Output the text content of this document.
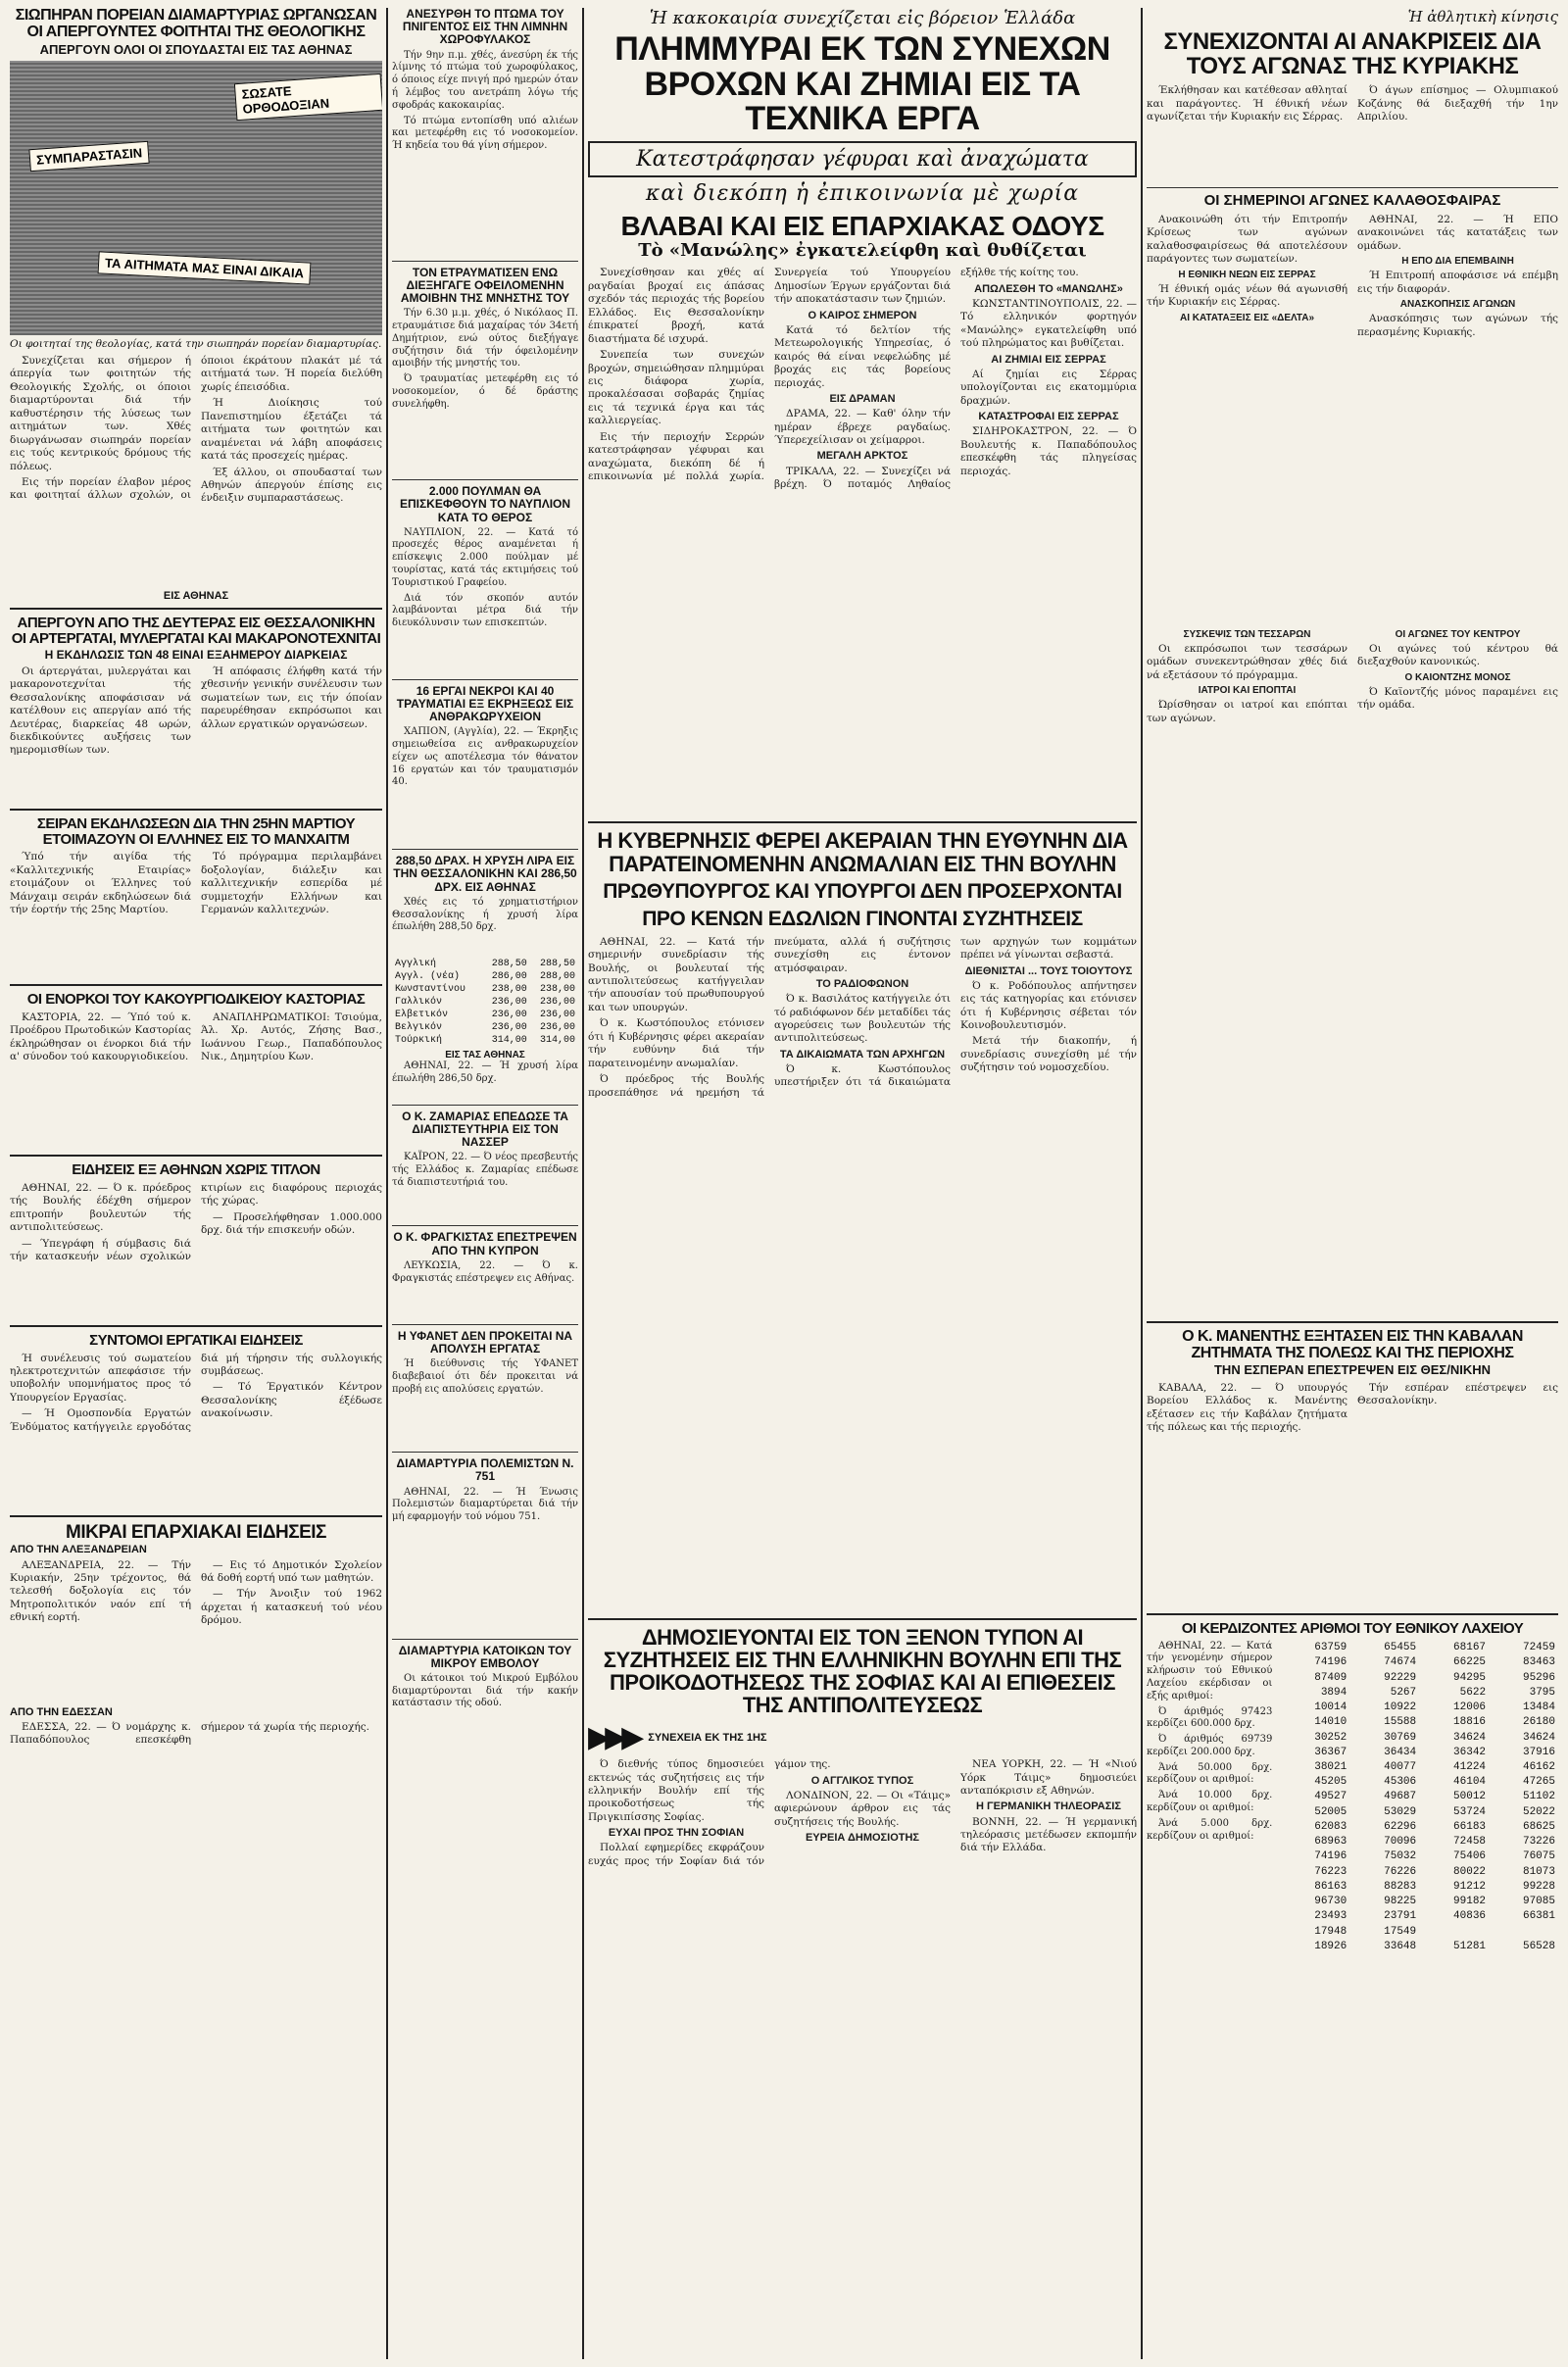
ΣΙΩΠΗΡΑΝ ΠΟΡΕΙΑΝ ΔΙΑΜΑΡΤΥΡΙΑΣ ΩΡΓΑΝΩΣΑΝ ΟΙ ΑΠΕΡΓΟΥΝΤΕΣ ΦΟΙΤΗΤΑΙ ΤΗΣ ΘΕΟΛΟΓΙΚΗΣ
ΑΠΕΡΓΟΥΝ ΟΛΟΙ ΟΙ ΣΠΟΥΔΑΣΤΑΙ ΕΙΣ ΤΑΣ ΑΘΗΝΑΣ
ΣΩΣΑΤΕ ΟΡΘΟΔΟΞΙΑΝ
ΣΥΜΠΑΡΑΣΤΑΣΙΝ
ΤΑ ΑΙΤΗΜΑΤΑ ΜΑΣ ΕΙΝΑΙ ΔΙΚΑΙΑ
Οι φοιτηταί της θεολογίας, κατά την σιωπηράν πορείαν διαμαρτυρίας.

Συνεχίζεται και σήμερον ή άπεργία των φοιτητών τής Θεολογικής Σχολής, οι όποιοι διαμαρτύρονται διά τήν καθυστέρησιν τής λύσεως των αιτημάτων των. Χθές διωργάνωσαν σιωπηράν πορείαν εις τούς κεντρικούς δρόμους τής πόλεως.

Εις τήν πορείαν έλαβον μέρος και φοιτηταί άλλων σχολών, οι όποιοι έκράτουν πλακάτ μέ τά αιτήματά των. Ή πορεία διελύθη χωρίς έπεισόδια.

Ή Διοίκησις τού Πανεπιστημίου έξετάζει τά αιτήματα των φοιτητών και αναμένεται νά λάβη αποφάσεις κατά τάς προσεχείς ημέρας.

Έξ άλλου, οι σπουδασταί των Αθηνών άπεργούν έπίσης εις ένδειξιν συμπαραστάσεως.

ΕΙΣ ΑΘΗΝΑΣ
ΑΠΕΡΓΟΥΝ ΑΠΟ ΤΗΣ ΔΕΥΤΕΡΑΣ ΕΙΣ ΘΕΣΣΑΛΟΝΙΚΗΝ ΟΙ ΑΡΤΕΡΓΑΤΑΙ, ΜΥΛΕΡΓΑΤΑΙ ΚΑΙ ΜΑΚΑΡΟΝΟΤΕΧΝΙΤΑΙ
Η ΕΚΔΗΛΩΣΙΣ ΤΩΝ 48 ΕΙΝΑΙ ΕΞΑΗΜΕΡΟΥ ΔΙΑΡΚΕΙΑΣ

Οι άρτεργάται, μυλεργάται και μακαρονοτεχνίται τής Θεσσαλονίκης αποφάσισαν νά κατέλθουν εις απεργίαν από τής Δευτέρας, διαρκείας 48 ωρών, διεκδικούντες αυξήσεις των ημερομισθίων των.

Ή απόφασις έλήφθη κατά τήν χθεσινήν γενικήν συνέλευσιν των σωματείων των, εις τήν όποίαν παρευρέθησαν εκπρόσωποι και άλλων εργατικών οργανώσεων.

ΣΕΙΡΑΝ ΕΚΔΗΛΩΣΕΩΝ ΔΙΑ ΤΗΝ 25ΗΝ ΜΑΡΤΙΟΥ ΕΤΟΙΜΑΖΟΥΝ ΟΙ ΕΛΛΗΝΕΣ ΕΙΣ ΤΟ ΜΑΝΧΑΙΤΜ

Ύπό τήν αιγίδα τής «Καλλιτεχνικής Εταιρίας» ετοιμάζουν οι Έλληνες τού Μάνχαιμ σειράν εκδηλώσεων διά τήν έορτήν τής 25ης Μαρτίου.

Τό πρόγραμμα περιλαμβάνει δοξολογίαν, διάλεξιν και καλλιτεχνικήν εσπερίδα μέ συμμετοχήν Ελλήνων και Γερμανών καλλιτεχνών.

ΟΙ ΕΝΟΡΚΟΙ ΤΟΥ ΚΑΚΟΥΡΓΙΟΔΙΚΕΙΟΥ ΚΑΣΤΟΡΙΑΣ

ΚΑΣΤΟΡΙΑ, 22. — Ύπό τού κ. Προέδρου Πρωτοδικών Καστορίας έκληρώθησαν οι ένορκοι διά τήν α' σύνοδον τού κακουργιοδικείου.

ΑΝΑΠΛΗΡΩΜΑΤΙΚΟΙ: Τσιούμα, Άλ. Χρ. Αυτός, Ζήσης Βασ., Ιωάννου Γεωρ., Παπαδόπουλος Νικ., Δημητρίου Κων.

ΕΙΔΗΣΕΙΣ ΕΞ ΑΘΗΝΩΝ ΧΩΡΙΣ ΤΙΤΛΟΝ

ΑΘΗΝΑΙ, 22. — Ό κ. πρόεδρος τής Βουλής έδέχθη σήμερον επιτροπήν βουλευτών τής αντιπολιτεύσεως.

— Ύπεγράφη ή σύμβασις διά τήν κατασκευήν νέων σχολικών κτιρίων εις διαφόρους περιοχάς τής χώρας.

— Προσελήφθησαν 1.000.000 δρχ. διά τήν επισκευήν οδών.

ΣΥΝΤΟΜΟΙ ΕΡΓΑΤΙΚΑΙ ΕΙΔΗΣΕΙΣ

Ή συνέλευσις τού σωματείου ηλεκτροτεχνιτών απεφάσισε τήν υποβολήν υπομνήματος προς τό Υπουργείον Εργασίας.

— Ή Ομοσπονδία Εργατών Ένδύματος κατήγγειλε εργοδότας διά μή τήρησιν τής συλλογικής συμβάσεως.

— Τό Έργατικόν Κέντρον Θεσσαλονίκης έξέδωσε ανακοίνωσιν.

ΜΙΚΡΑΙ ΕΠΑΡΧΙΑΚΑΙ ΕΙΔΗΣΕΙΣ
ΑΠΟ ΤΗΝ ΑΛΕΞΑΝΔΡΕΙΑΝ

ΑΛΕΞΑΝΔΡΕΙΑ, 22. — Τήν Κυριακήν, 25ην τρέχοντος, θά τελεσθή δοξολογία εις τόν Μητροπολιτικόν ναόν επί τή εθνική εορτή.

— Εις τό Δημοτικόν Σχολείον θά δοθή εορτή υπό των μαθητών.

— Τήν Άνοιξιν τού 1962 άρχεται ή κατασκευή τού νέου δρόμου.

ΑΠΟ ΤΗΝ ΕΔΕΣΣΑΝ

ΕΔΕΣΣΑ, 22. — Ό νομάρχης κ. Παπαδόπουλος επεσκέφθη σήμερον τά χωρία τής περιοχής.

ΑΝΕΣΥΡΘΗ ΤΟ ΠΤΩΜΑ ΤΟΥ ΠΝΙΓΕΝΤΟΣ ΕΙΣ ΤΗΝ ΛΙΜΝΗΝ ΧΩΡΟΦΥΛΑΚΟΣ

Τήν 9ην π.μ. χθές, άνεσύρη έκ τής λίμνης τό πτώμα τού χωροφύλακος, ό όποιος είχε πνιγή πρό ημερών όταν ή λέμβος του ανετράπη λόγω τής σφοδράς κακοκαιρίας.

Τό πτώμα εντοπίσθη υπό αλιέων και μετεφέρθη εις τό νοσοκομείον. Ή κηδεία του θά γίνη σήμερον.

ΤΟΝ ΕΤΡΑΥΜΑΤΙΣΕΝ ΕΝΩ ΔΙΕΞΗΓΑΓΕ ΟΦΕΙΛΟΜΕΝΗΝ ΑΜΟΙΒΗΝ ΤΗΣ ΜΝΗΣΤΗΣ ΤΟΥ

Τήν 6.30 μ.μ. χθές, ό Νικόλαος Π. ετραυμάτισε διά μαχαίρας τόν 34ετή Δημήτριον, ενώ ούτος διεξήγαγε συζήτησιν διά τήν όφειλομένην αμοιβήν τής μνηστής του.

Ό τραυματίας μετεφέρθη εις τό νοσοκομείον, ό δέ δράστης συνελήφθη.

2.000 ΠΟΥΛΜΑΝ ΘΑ ΕΠΙΣΚΕΦΘΟΥΝ ΤΟ ΝΑΥΠΛΙΟΝ ΚΑΤΑ ΤΟ ΘΕΡΟΣ

ΝΑΥΠΛΙΟΝ, 22. — Κατά τό προσεχές θέρος αναμένεται ή επίσκεψις 2.000 πούλμαν μέ τουρίστας, κατά τάς εκτιμήσεις τού Τουριστικού Γραφείου.

Διά τόν σκοπόν αυτόν λαμβάνονται μέτρα διά τήν διευκόλυνσιν των επισκεπτών.

16 ΕΡΓΑΙ ΝΕΚΡΟΙ ΚΑΙ 40 ΤΡΑΥΜΑΤΙΑΙ ΕΞ ΕΚΡΗΞΕΩΣ ΕΙΣ ΑΝΘΡΑΚΩΡΥΧΕΙΟΝ

ΧΑΠΙΟΝ, (Αγγλία), 22. — Έκρηξις σημειωθείσα εις ανθρακωρυχείον είχεν ως αποτέλεσμα τόν θάνατον 16 εργατών και τόν τραυματισμόν 40.

288,50 ΔΡΑΧ. Η ΧΡΥΣΗ ΛΙΡΑ ΕΙΣ ΤΗΝ ΘΕΣΣΑΛΟΝΙΚΗΝ ΚΑΙ 286,50 ΔΡΧ. ΕΙΣ ΑΘΗΝΑΣ

Χθές εις τό χρηματιστήριον Θεσσαλονίκης ή χρυσή λίρα έπωλήθη 288,50 δρχ.

Αγγλική	288,50	288,50
Αγγλ. (νέα)	286,00	288,00
Κωνσταντίνου	238,00	238,00
Γαλλικόν	236,00	236,00
Ελβετικόν	236,00	236,00
Βελγικόν	236,00	236,00
Τούρκική	314,00	314,00
ΕΙΣ ΤΑΣ ΑΘΗΝΑΣ

ΑΘΗΝΑΙ, 22. — Ή χρυσή λίρα έπωλήθη 286,50 δρχ.

Ο Κ. ΖΑΜΑΡΙΑΣ ΕΠΕΔΩΣΕ ΤΑ ΔΙΑΠΙΣΤΕΥΤΗΡΙΑ ΕΙΣ ΤΟΝ ΝΑΣΣΕΡ

ΚΑΪΡΟΝ, 22. — Ό νέος πρεσβευτής τής Ελλάδος κ. Ζαμαρίας επέδωσε τά διαπιστευτήριά του.

Ο Κ. ΦΡΑΓΚΙΣΤΑΣ ΕΠΕΣΤΡΕΨΕΝ ΑΠΟ ΤΗΝ ΚΥΠΡΟΝ

ΛΕΥΚΩΣΙΑ, 22. — Ό κ. Φραγκιστάς επέστρεψεν εις Αθήνας.

Η ΥΦΑΝΕΤ ΔΕΝ ΠΡΟΚΕΙΤΑΙ ΝΑ ΑΠΟΛΥΣΗ ΕΡΓΑΤΑΣ

Ή διεύθυνσις τής ΥΦΑΝΕΤ διαβεβαιοί ότι δέν προκειται νά προβή εις απολύσεις εργατών.

ΔΙΑΜΑΡΤΥΡΙΑ ΠΟΛΕΜΙΣΤΩΝ Ν. 751

ΑΘΗΝΑΙ, 22. — Ή Ένωσις Πολεμιστών διαμαρτύρεται διά τήν μή εφαρμογήν τού νόμου 751.

ΔΙΑΜΑΡΤΥΡΙΑ ΚΑΤΟΙΚΩΝ ΤΟΥ ΜΙΚΡΟΥ ΕΜΒΟΛΟΥ

Οι κάτοικοι τού Μικρού Εμβόλου διαμαρτύρονται διά τήν κακήν κατάστασιν τής οδού.

Ἡ κακοκαιρία συνεχίζεται εἰς βόρειον Ἑλλάδα
ΠΛΗΜΜΥΡΑΙ ΕΚ ΤΩΝ ΣΥΝΕΧΩΝ ΒΡΟΧΩΝ ΚΑΙ ΖΗΜΙΑΙ ΕΙΣ ΤΑ ΤΕΧΝΙΚΑ ΕΡΓΑ
Κατεστράφησαν γέφυραι καὶ ἀναχώματα
καὶ διεκόπη ἡ ἐπικοινωνία μὲ χωρία
ΒΛΑΒΑΙ ΚΑΙ ΕΙΣ ΕΠΑΡΧΙΑΚΑΣ ΟΔΟΥΣ
Τὸ «Μανώλης» ἐγκατελείφθη καὶ θυθίζεται

Συνεχίσθησαν και χθές αί ραγδαίαι βροχαί εις άπάσας σχεδόν τάς περιοχάς τής βορείου Ελλάδος. Εις Θεσσαλονίκην έπικρατεί βροχή, κατά διαστήματα δέ ισχυρά.

Συνεπεία των συνεχών βροχών, σημειώθησαν πλημμύραι εις διάφορα χωρία, προκαλέσασαι σοβαράς ζημίας εις τά τεχνικά έργα και τάς καλλιεργείας.

Εις τήν περιοχήν Σερρών κατεστράφησαν γέφυραι και αναχώματα, διεκόπη δέ ή επικοινωνία μέ πολλά χωρία. Συνεργεία τού Υπουργείου Δημοσίων Έργων εργάζονται διά τήν αποκατάστασιν των ζημιών.

Ο ΚΑΙΡΟΣ ΣΗΜΕΡΟΝ

Κατά τό δελτίον τής Μετεωρολογικής Υπηρεσίας, ό καιρός θά είναι νεφελώδης μέ βροχάς εις τάς βορείους περιοχάς.

ΕΙΣ ΔΡΑΜΑΝ

ΔΡΑΜΑ, 22. — Καθ' όλην τήν ημέραν έβρεχε ραγδαίως. Ύπερεχείλισαν οι χείμαρροι.

ΜΕΓΑΛΗ ΑΡΚΤΟΣ

ΤΡΙΚΑΛΑ, 22. — Συνεχίζει νά βρέχη. Ό ποταμός Ληθαίος εξήλθε τής κοίτης του.

ΑΠΩΛΕΣΘΗ ΤΟ «ΜΑΝΩΛΗΣ»

ΚΩΝΣΤΑΝΤΙΝΟΥΠΟΛΙΣ, 22. — Τό ελληνικόν φορτηγόν «Μανώλης» εγκατελείφθη υπό τού πληρώματος και βυθίζεται.

ΑΙ ΖΗΜΙΑΙ ΕΙΣ ΣΕΡΡΑΣ

Αί ζημίαι εις Σέρρας υπολογίζονται εις εκατομμύρια δραχμών.

ΚΑΤΑΣΤΡΟΦΑΙ ΕΙΣ ΣΕΡΡΑΣ

ΣΙΔΗΡΟΚΑΣΤΡΟΝ, 22. — Ό Βουλευτής κ. Παπαδόπουλος επεσκέφθη τάς πληγείσας περιοχάς.

Η ΚΥΒΕΡΝΗΣΙΣ ΦΕΡΕΙ ΑΚΕΡΑΙΑΝ ΤΗΝ ΕΥΘΥΝΗΝ ΔΙΑ ΠΑΡΑΤΕΙΝΟΜΕΝΗΝ ΑΝΩΜΑΛΙΑΝ ΕΙΣ ΤΗΝ ΒΟΥΛΗΝ
ΠΡΩΘΥΠΟΥΡΓΟΣ ΚΑΙ ΥΠΟΥΡΓΟΙ ΔΕΝ ΠΡΟΣΕΡΧΟΝΤΑΙ
ΠΡΟ ΚΕΝΩΝ ΕΔΩΛΙΩΝ ΓΙΝΟΝΤΑΙ ΣΥΖΗΤΗΣΕΙΣ

ΑΘΗΝΑΙ, 22. — Κατά τήν σημερινήν συνεδρίασιν τής Βουλής, οι βουλευταί τής αντιπολιτεύσεως κατήγγειλαν τήν απουσίαν τού πρωθυπουργού και των υπουργών.

Ό κ. Κωστόπουλος ετόνισεν ότι ή Κυβέρνησις φέρει ακεραίαν τήν ευθύνην διά τήν παρατεινομένην ανωμαλίαν.

Ό πρόεδρος τής Βουλής προσεπάθησε νά ηρεμήση τά πνεύματα, αλλά ή συζήτησις συνεχίσθη εις έντονον ατμόσφαιραν.

ΤΟ ΡΑΔΙΟΦΩΝΟΝ

Ό κ. Βασιλάτος κατήγγειλε ότι τό ραδιόφωνον δέν μεταδίδει τάς αγορεύσεις των βουλευτών τής αντιπολιτεύσεως.

ΤΑ ΔΙΚΑΙΩΜΑΤΑ ΤΩΝ ΑΡΧΗΓΩΝ

Ό κ. Κωστόπουλος υπεστήριξεν ότι τά δικαιώματα των αρχηγών των κομμάτων πρέπει νά γίνωνται σεβαστά.

ΔΙΕΘΝΙΣΤΑΙ ... ΤΟΥΣ ΤΟΙΟΥΤΟΥΣ

Ό κ. Ροδόπουλος απήντησεν εις τάς κατηγορίας και ετόνισεν ότι ή Κυβέρνησις σέβεται τόν Κοινοβουλευτισμόν.

Μετά τήν διακοπήν, ή συνεδρίασις συνεχίσθη μέ τήν συζήτησιν τού νομοσχεδίου.

ΔΗΜΟΣΙΕΥΟΝΤΑΙ ΕΙΣ ΤΟΝ ΞΕΝΟΝ ΤΥΠΟΝ ΑΙ ΣΥΖΗΤΗΣΕΙΣ ΕΙΣ ΤΗΝ ΕΛΛΗΝΙΚΗΝ ΒΟΥΛΗΝ ΕΠΙ ΤΗΣ ΠΡΟΙΚΟΔΟΤΗΣΕΩΣ ΤΗΣ ΣΟΦΙΑΣ ΚΑΙ ΑΙ ΕΠΙΘΕΣΕΙΣ ΤΗΣ ΑΝΤΙΠΟΛΙΤΕΥΣΕΩΣ
▶▶▶ ΣΥΝΕΧΕΙΑ ΕΚ ΤΗΣ 1ΗΣ

Ό διεθνής τύπος δημοσιεύει εκτενώς τάς συζητήσεις εις τήν ελληνικήν Βουλήν επί τής προικοδοτήσεως τής Πριγκιπίσσης Σοφίας.

ΕΥΧΑΙ ΠΡΟΣ ΤΗΝ ΣΟΦΙΑΝ

Πολλαί εφημερίδες εκφράζουν ευχάς προς τήν Σοφίαν διά τόν γάμον της.

Ο ΑΓΓΛΙΚΟΣ ΤΥΠΟΣ

ΛΟΝΔΙΝΟΝ, 22. — Οι «Τάιμς» αφιερώνουν άρθρον εις τάς συζητήσεις τής Βουλής.

ΕΥΡΕΙΑ ΔΗΜΟΣΙΟΤΗΣ

ΝΕΑ ΥΟΡΚΗ, 22. — Ή «Νιού Υόρκ Τάιμς» δημοσιεύει ανταπόκρισιν εξ Αθηνών.

Η ΓΕΡΜΑΝΙΚΗ ΤΗΛΕΟΡΑΣΙΣ

ΒΟΝΝΗ, 22. — Ή γερμανική τηλεόρασις μετέδωσεν εκπομπήν διά τήν Ελλάδα.

Ἡ ἀθλητικὴ κίνησις
ΣΥΝΕΧΙΖΟΝΤΑΙ ΑΙ ΑΝΑΚΡΙΣΕΙΣ ΔΙΑ ΤΟΥΣ ΑΓΩΝΑΣ ΤΗΣ ΚΥΡΙΑΚΗΣ

Έκλήθησαν και κατέθεσαν αθληταί και παράγοντες. Ή έθνική νέων αγωνίζεται τήν Κυριακήν εις Σέρρας.

Ό άγων επίσημος — Ολυμπιακού Κοζάνης θά διεξαχθή τήν 1ην Απριλίου.

ΟΙ ΣΗΜΕΡΙΝΟΙ ΑΓΩΝΕΣ ΚΑΛΑΘΟΣΦΑΙΡΑΣ

Ανακοινώθη ότι τήν Επιτροπήν Κρίσεως των αγώνων καλαθοσφαιρίσεως θά αποτελέσουν παράγοντες των σωματείων.

Η ΕΘΝΙΚΗ ΝΕΩΝ ΕΙΣ ΣΕΡΡΑΣ

Ή έθνική ομάς νέων θά αγωνισθή τήν Κυριακήν εις Σέρρας.

ΑΙ ΚΑΤΑΤΑΞΕΙΣ ΕΙΣ «ΔΕΛΤΑ»

ΑΘΗΝΑΙ, 22. — Ή ΕΠΟ ανακοινώνει τάς κατατάξεις των ομάδων.

Η ΕΠΟ ΔΙΑ ΕΠΕΜΒΑΙΝΗ

Ή Επιτροπή αποφάσισε νά επέμβη εις τήν διαφοράν.

ΑΝΑΣΚΟΠΗΣΙΣ ΑΓΩΝΩΝ

Ανασκόπησις των αγώνων τής περασμένης Κυριακής.

ΣΥΣΚΕΨΙΣ ΤΩΝ ΤΕΣΣΑΡΩΝ

Οι εκπρόσωποι των τεσσάρων ομάδων συνεκεντρώθησαν χθές διά νά εξετάσουν τό πρόγραμμα.

ΙΑΤΡΟΙ ΚΑΙ ΕΠΟΠΤΑΙ

Ώρίσθησαν οι ιατροί και επόπται των αγώνων.

ΟΙ ΑΓΩΝΕΣ ΤΟΥ ΚΕΝΤΡΟΥ

Οι αγώνες τού κέντρου θά διεξαχθούν κανονικώς.

Ο ΚΑΙΟΝΤΖΗΣ ΜΟΝΟΣ

Ό Καϊοντζής μόνος παραμένει εις τήν ομάδα.

Ο Κ. ΜΑΝΕΝΤΗΣ ΕΞΗΤΑΣΕΝ ΕΙΣ ΤΗΝ ΚΑΒΑΛΑΝ ΖΗΤΗΜΑΤΑ ΤΗΣ ΠΟΛΕΩΣ ΚΑΙ ΤΗΣ ΠΕΡΙΟΧΗΣ
ΤΗΝ ΕΣΠΕΡΑΝ ΕΠΕΣΤΡΕΨΕΝ ΕΙΣ ΘΕΣ/ΝΙΚΗΝ

ΚΑΒΑΛΑ, 22. — Ό υπουργός Βορείου Ελλάδος κ. Μανέντης εξέτασεν εις τήν Καβάλαν ζητήματα τής πόλεως και τής περιοχής.

Τήν εσπέραν επέστρεψεν εις Θεσσαλονίκην.

ΟΙ ΚΕΡΔΙΖΟΝΤΕΣ ΑΡΙΘΜΟΙ ΤΟΥ ΕΘΝΙΚΟΥ ΛΑΧΕΙΟΥ

ΑΘΗΝΑΙ, 22. — Κατά τήν γενομένην σήμερον κλήρωσιν τού Εθνικού Λαχείου εκέρδισαν οι εξής αριθμοί:

Ό άριθμός 97423 κερδίζει 600.000 δρχ.

Ό άριθμός 69739 κερδίζει 200.000 δρχ.

Άνά 50.000 δρχ. κερδίζουν οι αριθμοί:

Άνά 10.000 δρχ. κερδίζουν οι αριθμοί:

Άνά 5.000 δρχ. κερδίζουν οι αριθμοί:

63759	65455	68167	72459
74196	74674	66225	83463
87409	92229	94295	95296
3894	5267	5622	3795
10014	10922	12006	13484
14010	15588	18816	26180
30252	30769	34624	34624
36367	36434	36342	37916
38021	40077	41224	46162
45205	45306	46104	47265
49527	49687	50012	51102
52005	53029	53724	52022
62083	62296	66183	68625
68963	70096	72458	73226
74196	75032	75406	76075
76223	76226	80022	81073
86163	88283	91212	99228
96730	98225	99182	97085
23493	23791	40836	66381
17948	17549		
18926	33648	51281	56528
